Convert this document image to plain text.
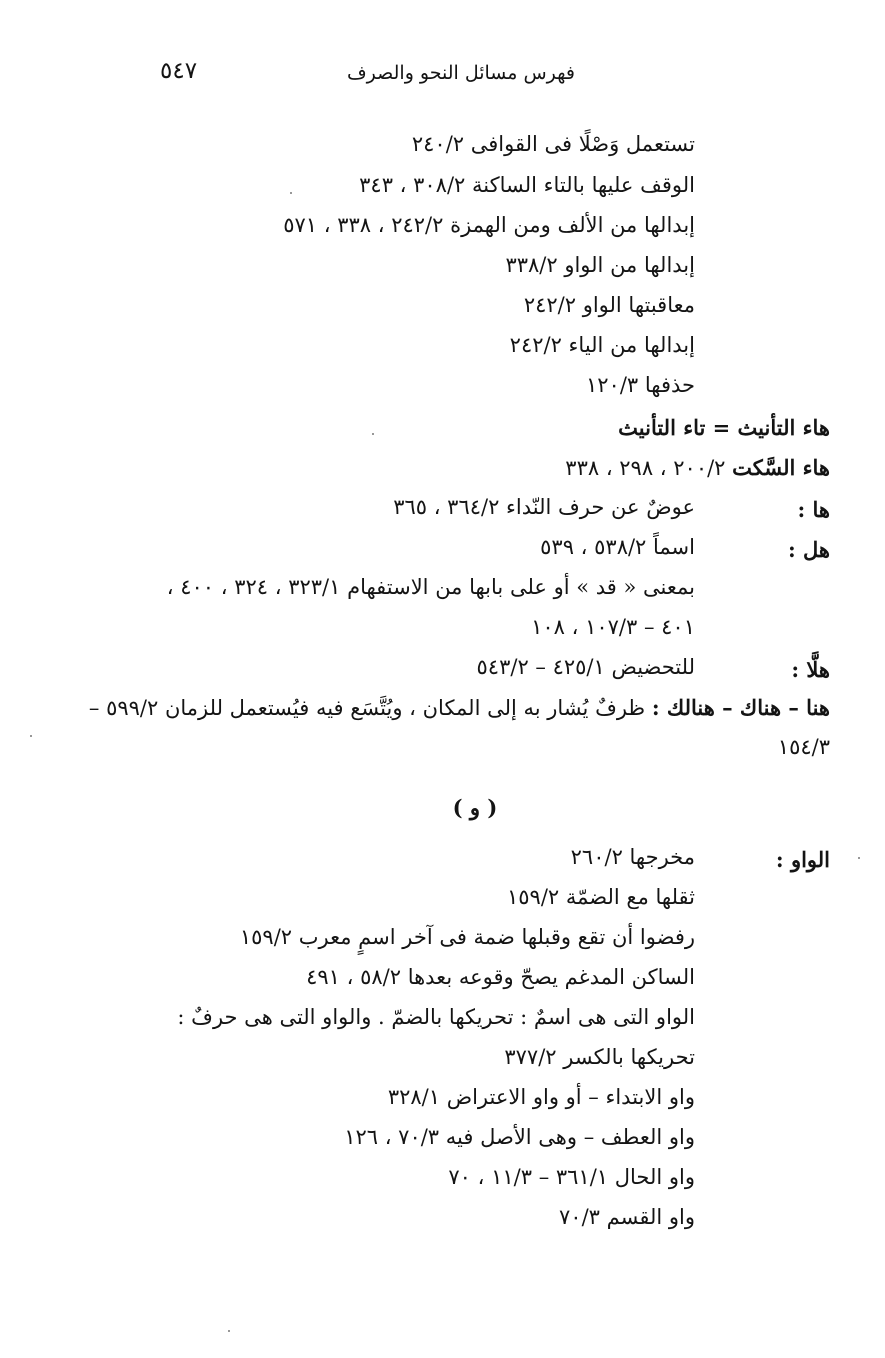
٥٤٧	فهرس مسائل النحو والصرف
تستعمل وَصْلًا فى القوافى ٢٤٠/٢
الوقف عليها بالتاء الساكنة ٣٠٨/٢ ، ٣٤٣
إبدالها من الألف ومن الهمزة ٢٤٢/٢ ، ٣٣٨ ، ٥٧١
إبدالها من الواو ٣٣٨/٢
معاقبتها الواو ٢٤٢/٢
إبدالها من الياء ٢٤٢/٢
حذفها ١٢٠/٣
هاء التأنيث = تاء التأنيث
هاء السَّكت ٢٠٠/٢ ، ٢٩٨ ، ٣٣٨
ها :
عوضٌ عن حرف النّداء ٣٦٤/٢ ، ٣٦٥
هل :
اسماً ٥٣٨/٢ ، ٥٣٩
بمعنى « قد » أو على بابها من الاستفهام ٣٢٣/١ ، ٣٢٤ ، ٤٠٠ ،
٤٠١ – ١٠٧/٣ ، ١٠٨
هلَّا :
للتحضيض ٤٢٥/١ – ٥٤٣/٢
هنا – هناك – هنالك : ظرفٌ يُشار به إلى المكان ، ويُتَّسَع فيه فيُستعمل للزمان ٥٩٩/٢ –
١٥٤/٣
( و )
الواو :
مخرجها ٢٦٠/٢
ثقلها مع الضمّة ١٥٩/٢
رفضوا أن تقع وقبلها ضمة فى آخر اسمٍ معرب ١٥٩/٢
الساكن المدغم يصحّ وقوعه بعدها ٥٨/٢ ، ٤٩١
الواو التى هى اسمٌ : تحريكها بالضمّ . والواو التى هى حرفٌ :
تحريكها بالكسر ٣٧٧/٢
واو الابتداء – أو واو الاعتراض ٣٢٨/١
واو العطف – وهى الأصل فيه ٧٠/٣ ، ١٢٦
واو الحال ٣٦١/١ – ١١/٣ ، ٧٠
واو القسم ٧٠/٣
